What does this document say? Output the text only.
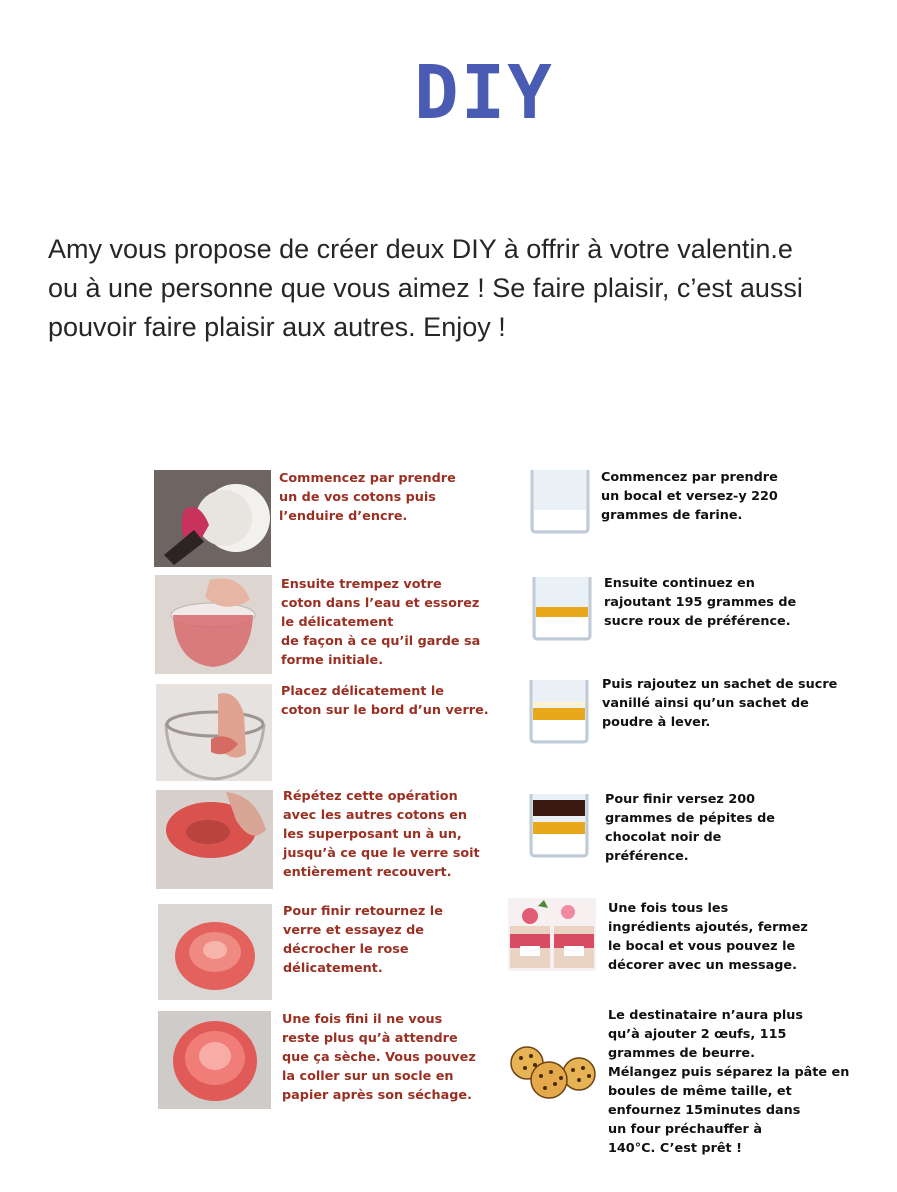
DIY
Amy vous propose de créer deux DIY à offrir à votre valentin.e
ou à une personne que vous aimez ! Se faire plaisir, c’est aussi
pouvoir faire plaisir aux autres. Enjoy !
Commencez par prendre
un de vos cotons puis
l’enduire d’encre.
Ensuite trempez votre
coton dans l’eau et essorez
le délicatement
de façon à ce qu’il garde sa
forme initiale.
Placez délicatement le
coton sur le bord d’un verre.
Répétez cette opération
avec les autres cotons en
les superposant un à un,
jusqu’à ce que le verre soit
entièrement recouvert.
Pour finir retournez le
verre et essayez de
décrocher le rose
délicatement.
Une fois fini il ne vous
reste plus qu’à attendre
que ça sèche. Vous pouvez
la coller sur un socle en
papier après son séchage.
Commencez par prendre
un bocal et versez-y 220
grammes de farine.
Ensuite continuez en
rajoutant 195 grammes de
sucre roux de préférence.
Puis rajoutez un sachet de sucre
vanillé ainsi qu’un sachet de
poudre à lever.
Pour finir versez 200
grammes de pépites de
chocolat noir de
préférence.
Une fois tous les
ingrédients ajoutés, fermez
le bocal et vous pouvez le
décorer avec un message.
Le destinataire n’aura plus
qu’à ajouter 2 œufs, 115
grammes de beurre.
Mélangez puis séparez la pâte en
boules de même taille, et
enfournez 15minutes dans
un four préchauffer à
140°C. C’est prêt !
